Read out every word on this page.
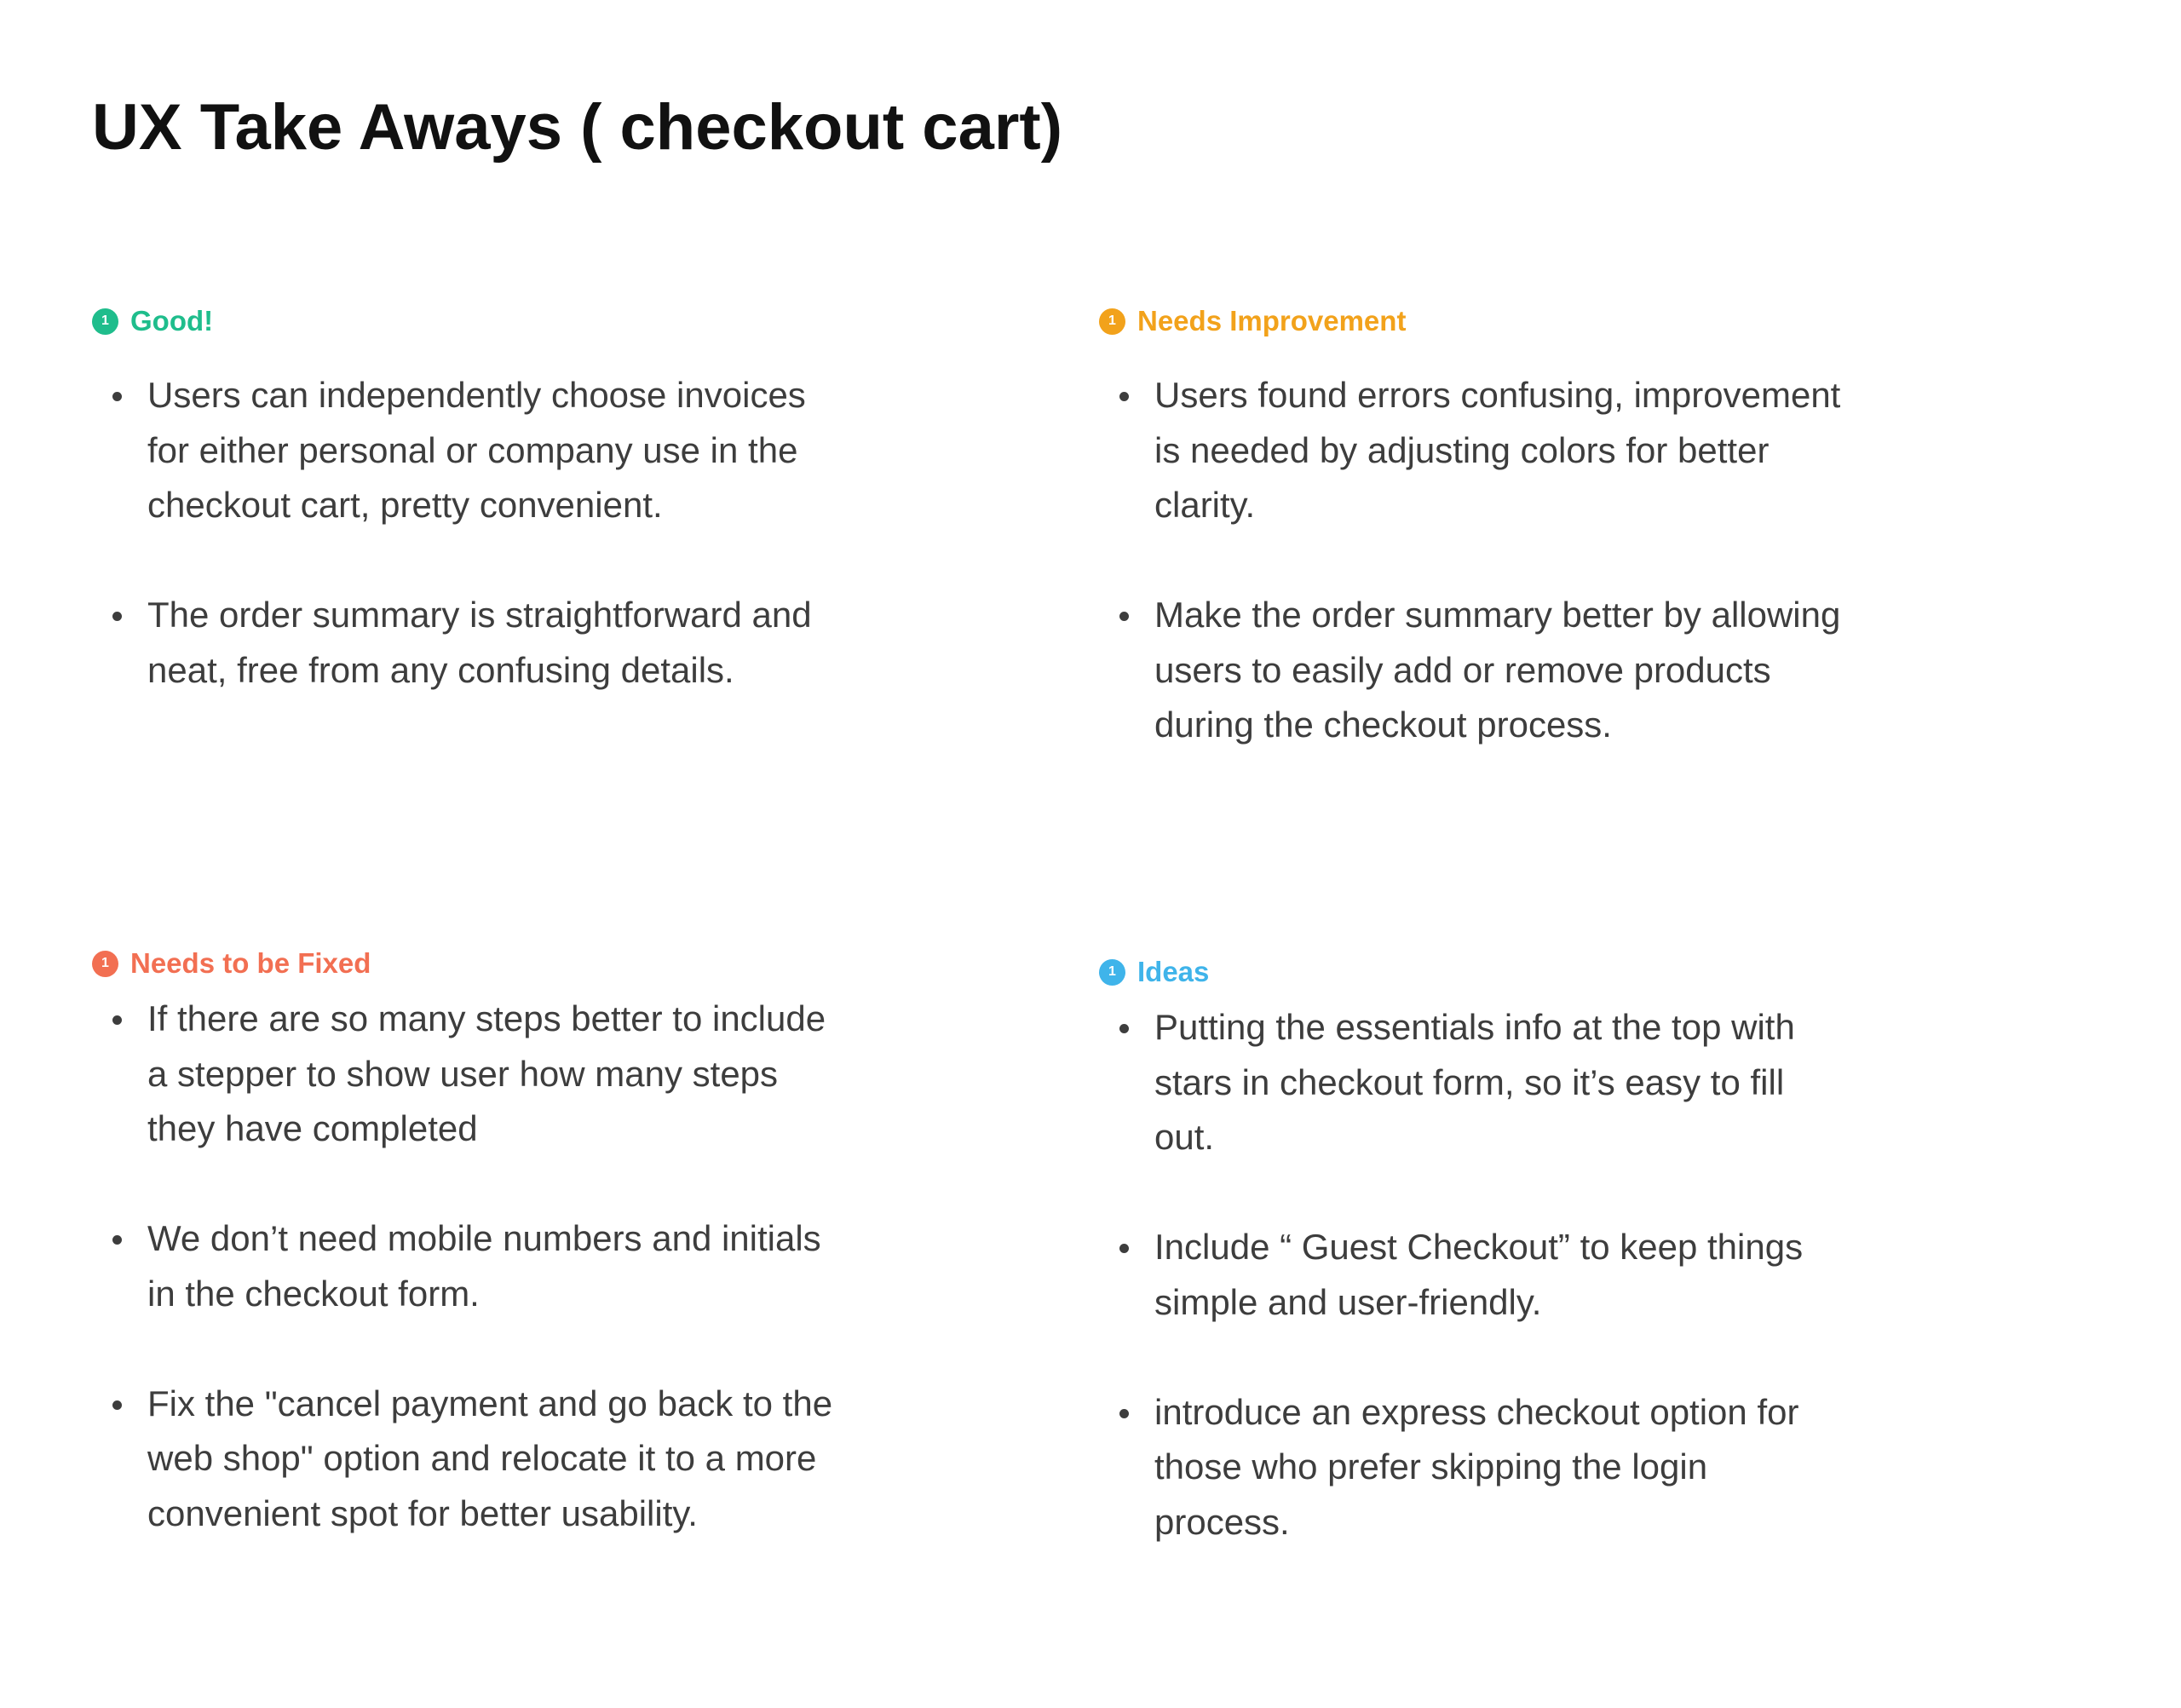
UX Take Aways ( checkout cart)
1 Good!
Users can independently choose invoices for either personal or company use in the checkout cart, pretty convenient.
The order summary is straightforward and neat, free from any confusing details.
1 Needs Improvement
Users found errors confusing, improvement is needed by adjusting colors for better clarity.
Make the order summary better by allowing users to easily add or remove products during the checkout process.
1 Needs to be Fixed
If there are so many steps better to include a stepper to show user how many steps they have completed
We don’t need mobile numbers and initials in the checkout form.
Fix the "cancel payment and go back to the web shop" option and relocate it to a more convenient spot for better usability.
1 Ideas
Putting the essentials info at the top with stars in checkout form, so it’s easy to fill out.
Include “ Guest Checkout” to keep things simple and user-friendly.
introduce an express checkout option for those who prefer skipping the login process.
